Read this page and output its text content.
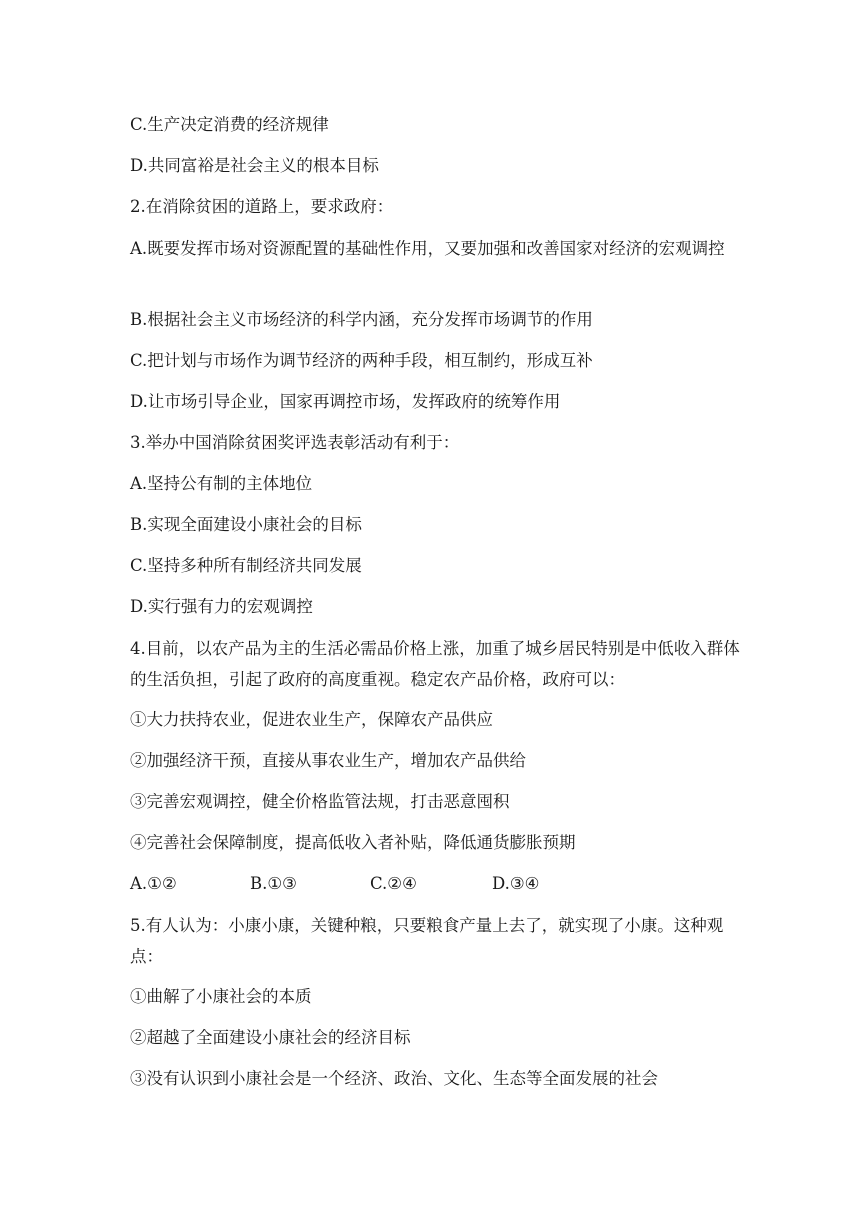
C.生产决定消费的经济规律
D.共同富裕是社会主义的根本目标
2.在消除贫困的道路上，要求政府：
A.既要发挥市场对资源配置的基础性作用，又要加强和改善国家对经济的宏观调控
B.根据社会主义市场经济的科学内涵，充分发挥市场调节的作用
C.把计划与市场作为调节经济的两种手段，相互制约，形成互补
D.让市场引导企业，国家再调控市场，发挥政府的统筹作用
3.举办中国消除贫困奖评选表彰活动有利于：
A.坚持公有制的主体地位
B.实现全面建设小康社会的目标
C.坚持多种所有制经济共同发展
D.实行强有力的宏观调控
4.目前，以农产品为主的生活必需品价格上涨，加重了城乡居民特别是中低收入群体的生活负担，引起了政府的高度重视。稳定农产品价格，政府可以：
①大力扶持农业，促进农业生产，保障农产品供应
②加强经济干预，直接从事农业生产，增加农产品供给
③完善宏观调控，健全价格监管法规，打击恶意囤积
④完善社会保障制度，提高低收入者补贴，降低通货膨胀预期
A.①②	B.①③	C.②④	D.③④
5.有人认为：小康小康，关键种粮，只要粮食产量上去了，就实现了小康。这种观点：
①曲解了小康社会的本质
②超越了全面建设小康社会的经济目标
③没有认识到小康社会是一个经济、政治、文化、生态等全面发展的社会
